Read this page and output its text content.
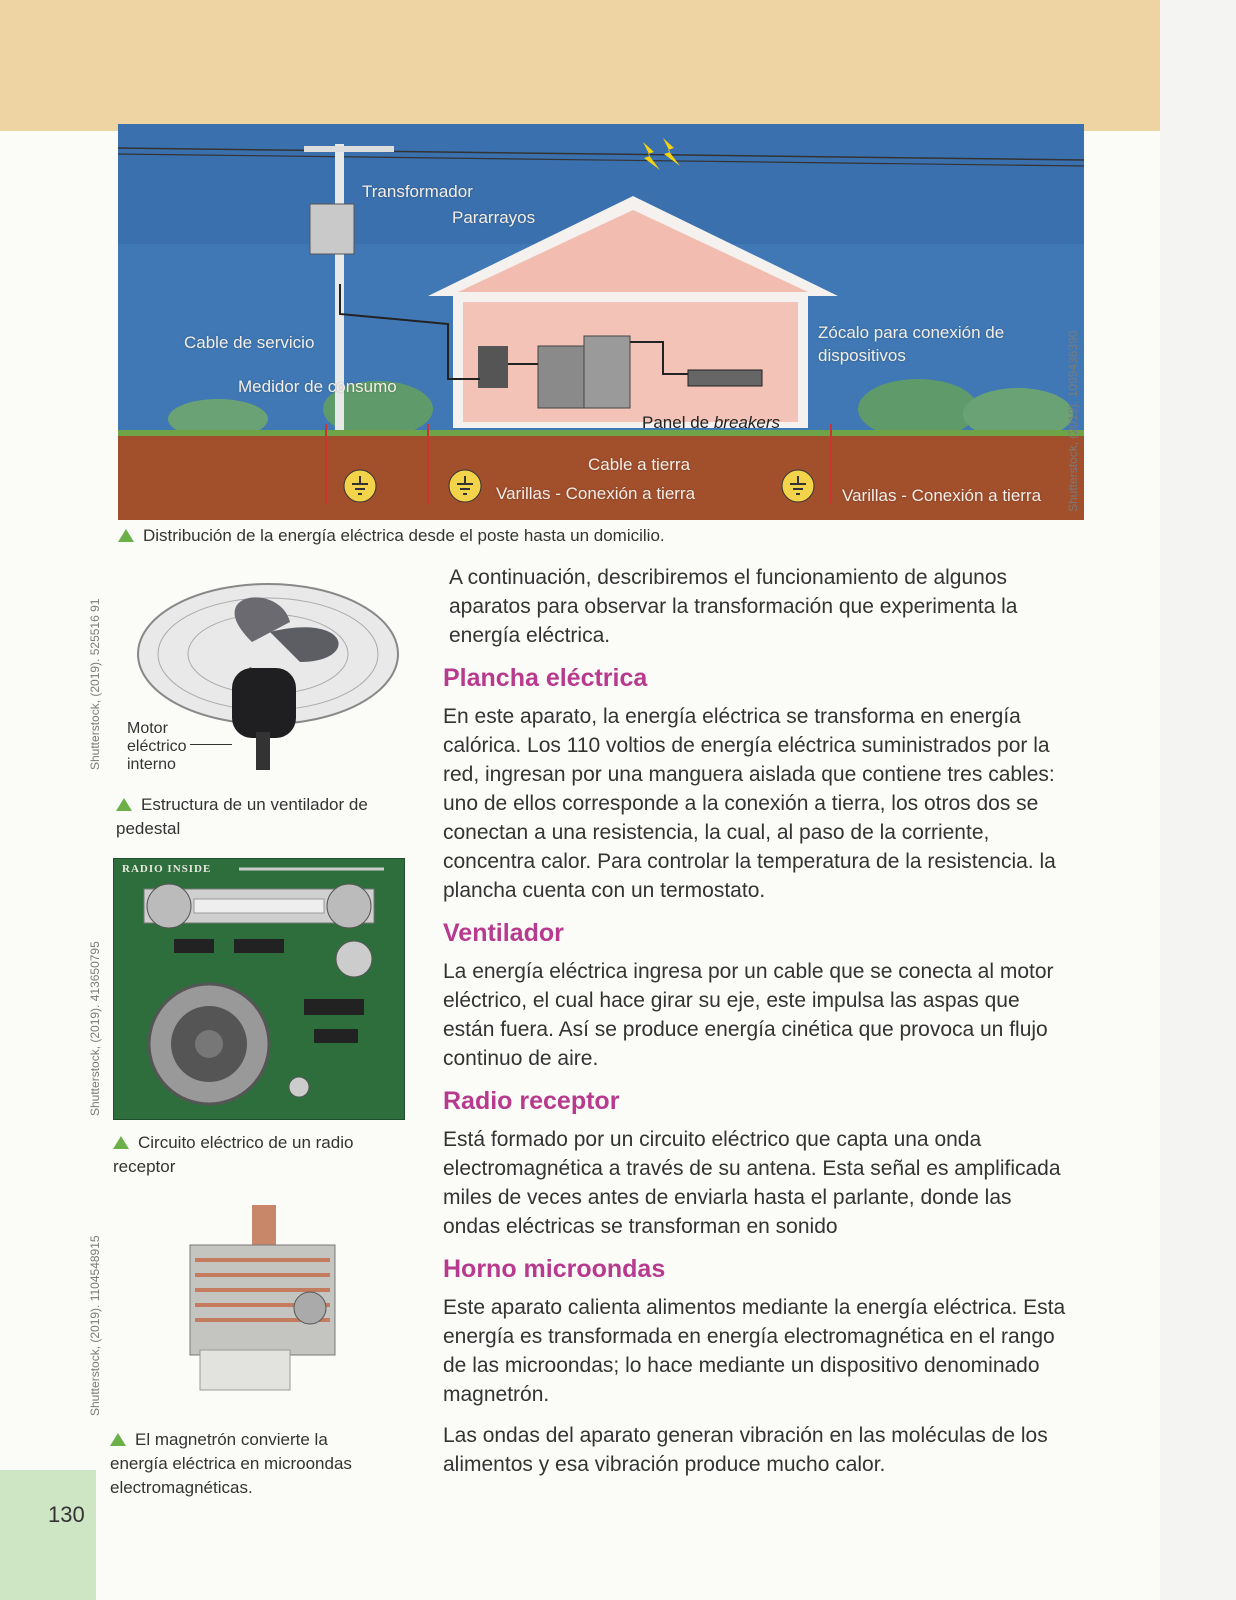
Transformador
Pararrayos
Cable de servicio
Medidor de consumo
Zócalo para conexión de dispositivos
Panel de breakers
Cable a tierra
Varillas - Conexión a tierra	Varillas - Conexión a tierra Shutterstock, (2019). 1099436390
Distribución de la energía eléctrica desde el poste hasta un domicilio.
Shutterstock, (2019). 525516 91 Motor eléctrico interno
Estructura de un ventilador de pedestal
Shutterstock, (2019). 413650795
RADIO INSIDE
Circuito eléctrico de un radio receptor
Shutterstock, (2019). 1104548915
El magnetrón convierte la energía eléctrica en microondas electromagnéticas.

A continuación, describiremos el funcionamiento de algunos aparatos para observar la transformación que experimenta la energía eléctrica.

Plancha eléctrica

En este aparato, la energía eléctrica se transforma en energía calórica. Los 110 voltios de energía eléctrica suministrados por la red, ingresan por una manguera aislada que contiene tres cables: uno de ellos corresponde a la conexión a tierra, los otros dos se conectan a una resistencia, la cual, al paso de la corriente, concentra calor. Para controlar la temperatura de la resistencia. la plancha cuenta con un termostato.

Ventilador

La energía eléctrica ingresa por un cable que se conecta al motor eléctrico, el cual hace girar su eje, este impulsa las aspas que están fuera. Así se produce energía cinética que provoca un flujo continuo de aire.

Radio receptor

Está formado por un circuito eléctrico que capta una onda electromagnética a través de su antena. Esta señal es amplificada miles de veces antes de enviarla hasta el parlante, donde las ondas eléctricas se transforman en sonido

Horno microondas

Este aparato calienta alimentos mediante la energía eléctrica. Esta energía es transformada en energía electromagnética en el rango de las microondas; lo hace mediante un dispositivo denominado magnetrón.

Las ondas del aparato generan vibración en las moléculas de los alimentos y esa vibración produce mucho calor.

130
